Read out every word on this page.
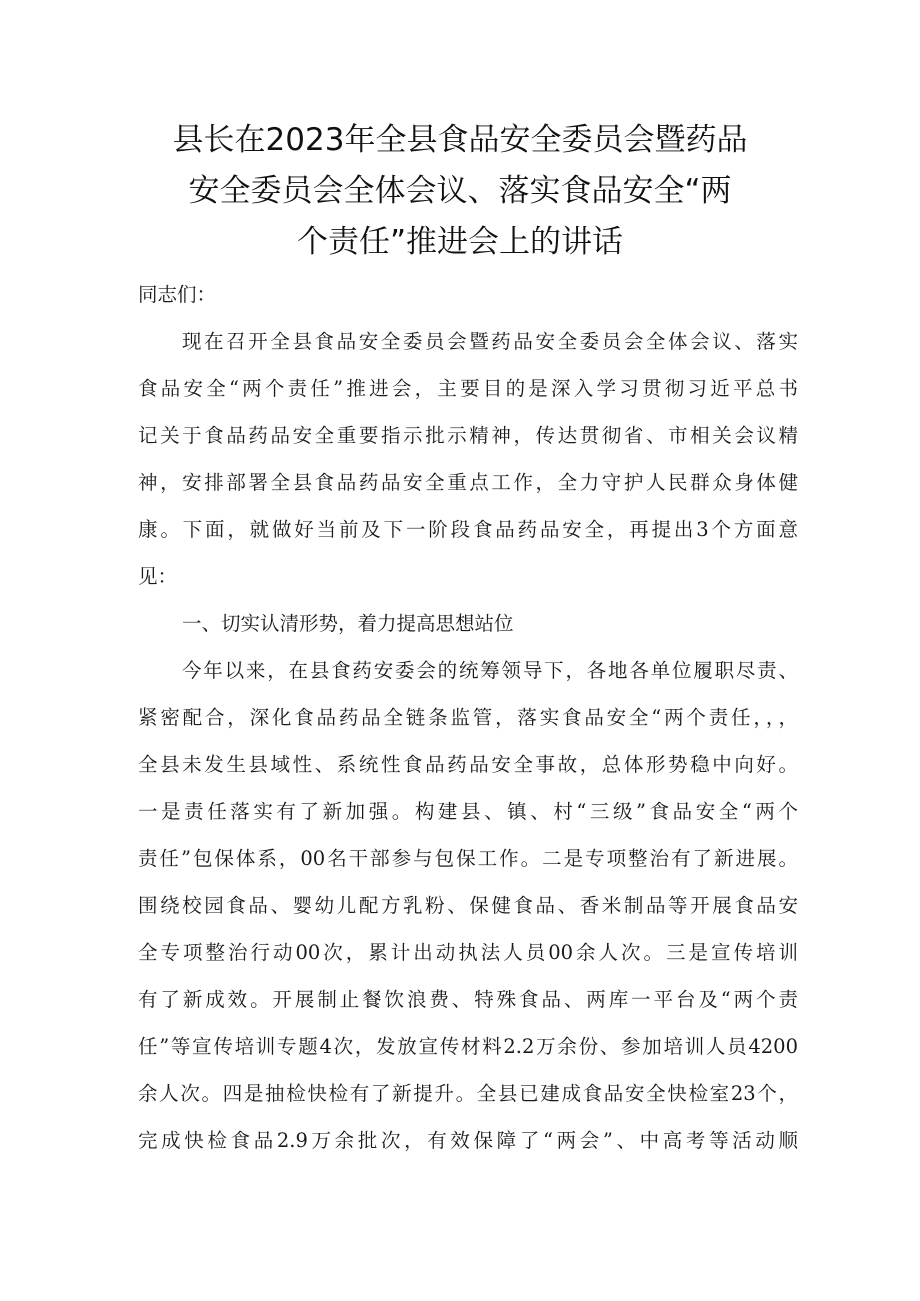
县长在2023年全县食品安全委员会暨药品
安全委员会全体会议、落实食品安全“两
个责任”推进会上的讲话
同志们：
现在召开全县食品安全委员会暨药品安全委员会全体会议、落实
食品安全“两个责任”推进会，主要目的是深入学习贯彻习近平总书
记关于食品药品安全重要指示批示精神，传达贯彻省、市相关会议精
神，安排部署全县食品药品安全重点工作，全力守护人民群众身体健
康。下面，就做好当前及下一阶段食品药品安全，再提出3个方面意
见：
一、切实认清形势，着力提高思想站位
今年以来，在县食药安委会的统筹领导下，各地各单位履职尽责、
紧密配合，深化食品药品全链条监管，落实食品安全“两个责任，，，
全县未发生县域性、系统性食品药品安全事故，总体形势稳中向好。
一是责任落实有了新加强。构建县、镇、村“三级”食品安全“两个
责任”包保体系，00名干部参与包保工作。二是专项整治有了新进展。
围绕校园食品、婴幼儿配方乳粉、保健食品、香米制品等开展食品安
全专项整治行动00次，累计出动执法人员00余人次。三是宣传培训
有了新成效。开展制止餐饮浪费、特殊食品、两库一平台及“两个责
任”等宣传培训专题4次，发放宣传材料2.2万余份、参加培训人员4200
余人次。四是抽检快检有了新提升。全县已建成食品安全快检室23个，
完成快检食品2.9万余批次，有效保障了“两会”、中高考等活动顺
